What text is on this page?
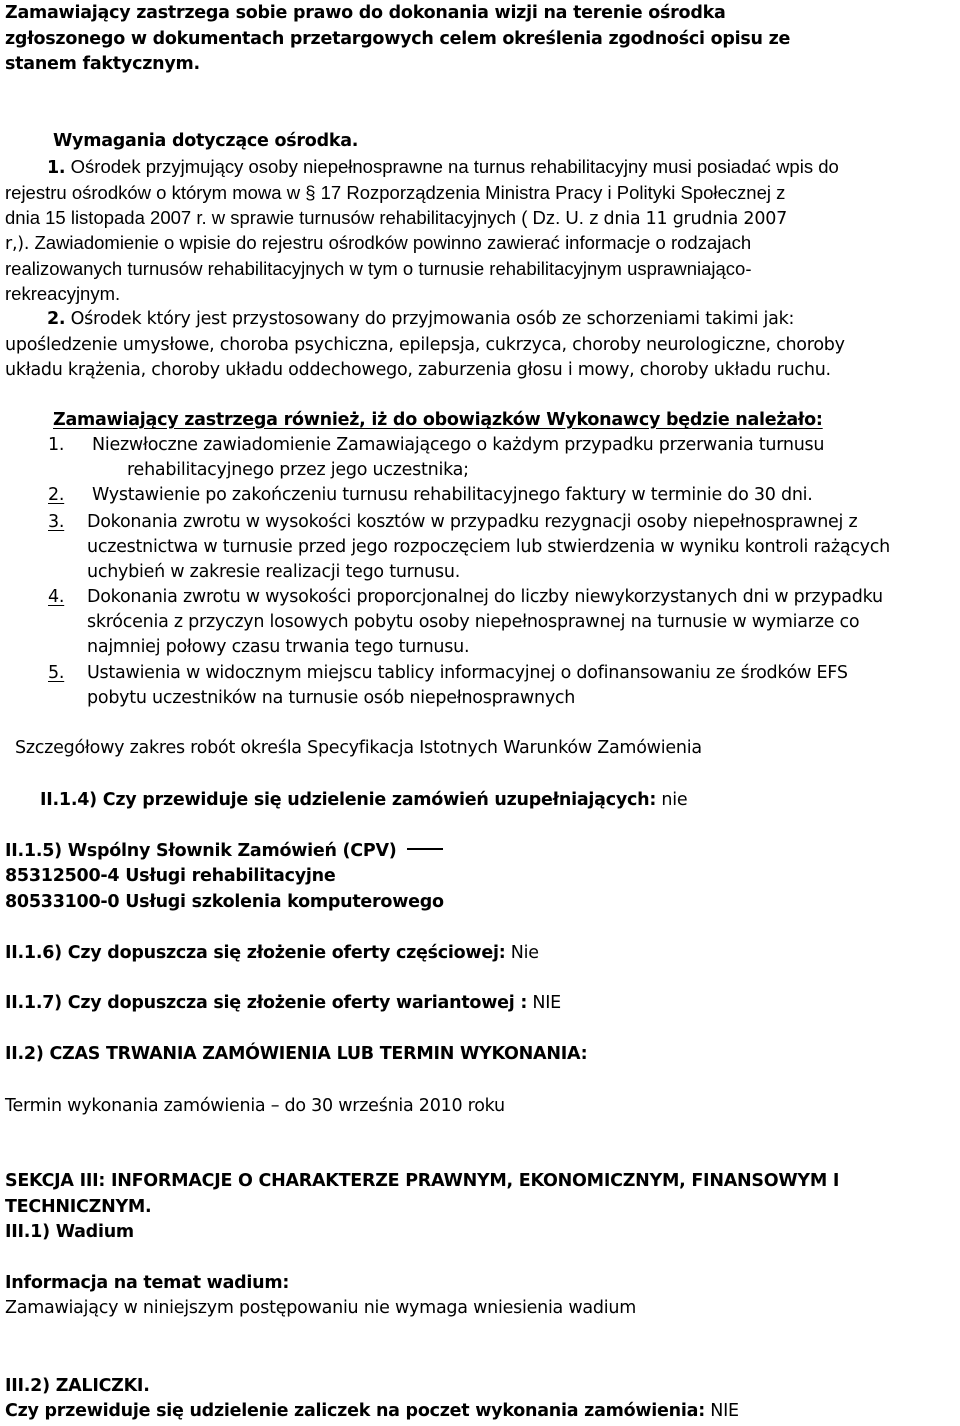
Zamawiający zastrzega sobie prawo do dokonania wizji na terenie ośrodka
zgłoszonego w dokumentach przetargowych celem określenia zgodności opisu ze
stanem faktycznym.
Wymagania dotyczące ośrodka.
1. Ośrodek przyjmujący osoby niepełnosprawne na turnus rehabilitacyjny musi posiadać wpis do
rejestru ośrodków o którym mowa w § 17 Rozporządzenia Ministra Pracy i Polityki Społecznej z
dnia 15 listopada 2007 r. w sprawie turnusów rehabilitacyjnych ( Dz. U. z dnia 11 grudnia 2007
r,). Zawiadomienie o wpisie do rejestru ośrodków powinno zawierać informacje o rodzajach
realizowanych turnusów rehabilitacyjnych w tym o turnusie rehabilitacyjnym usprawniająco-
rekreacyjnym.
2. Ośrodek który jest przystosowany do przyjmowania osób ze schorzeniami takimi jak:
upośledzenie umysłowe, choroba psychiczna, epilepsja, cukrzyca, choroby neurologiczne, choroby
układu krążenia, choroby układu oddechowego, zaburzenia głosu i mowy, choroby układu ruchu.
Zamawiający zastrzega również, iż do obowiązków Wykonawcy będzie należało:
1. Niezwłoczne zawiadomienie Zamawiającego o każdym przypadku przerwania turnusu
rehabilitacyjnego przez jego uczestnika;
2. Wystawienie po zakończeniu turnusu rehabilitacyjnego faktury w terminie do 30 dni.
3. Dokonania zwrotu w wysokości kosztów w przypadku rezygnacji osoby niepełnosprawnej z
uczestnictwa w turnusie przed jego rozpoczęciem lub stwierdzenia w wyniku kontroli rażących
uchybień w zakresie realizacji tego turnusu.
4. Dokonania zwrotu w wysokości proporcjonalnej do liczby niewykorzystanych dni w przypadku
skrócenia z przyczyn losowych pobytu osoby niepełnosprawnej na turnusie w wymiarze co
najmniej połowy czasu trwania tego turnusu.
5. Ustawienia w widocznym miejscu tablicy informacyjnej o dofinansowaniu ze środków EFS
pobytu uczestników na turnusie osób niepełnosprawnych
Szczegółowy zakres robót określa Specyfikacja Istotnych Warunków Zamówienia
II.1.4) Czy przewiduje się udzielenie zamówień uzupełniających: nie
II.1.5) Wspólny Słownik Zamówień (CPV)
85312500-4 Usługi rehabilitacyjne
80533100-0 Usługi szkolenia komputerowego
II.1.6) Czy dopuszcza się złożenie oferty częściowej: Nie
II.1.7) Czy dopuszcza się złożenie oferty wariantowej : NIE
II.2) CZAS TRWANIA ZAMÓWIENIA LUB TERMIN WYKONANIA:
Termin wykonania zamówienia – do 30 września 2010 roku
SEKCJA III: INFORMACJE O CHARAKTERZE PRAWNYM, EKONOMICZNYM, FINANSOWYM I
TECHNICZNYM.
III.1) Wadium
Informacja na temat wadium:
Zamawiający w niniejszym postępowaniu nie wymaga wniesienia wadium
III.2) ZALICZKI.
Czy przewiduje się udzielenie zaliczek na poczet wykonania zamówienia: NIE
